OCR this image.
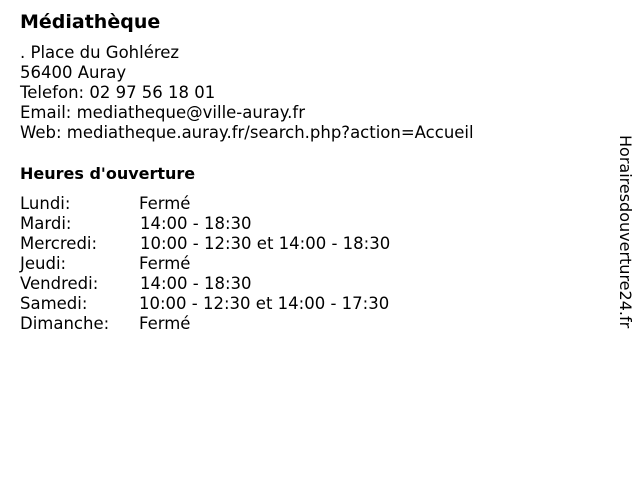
Médiathèque
. Place du Gohlérez
56400 Auray
Telefon: 02 97 56 18 01
Email: mediatheque@ville-auray.fr
Web: mediatheque.auray.fr/search.php?action=Accueil
Heures d'ouverture
Lundi:	Fermé
Mardi:	14:00 - 18:30
Mercredi:	10:00 - 12:30 et 14:00 - 18:30
Jeudi:	Fermé
Vendredi:	14:00 - 18:30
Samedi:	10:00 - 12:30 et 14:00 - 17:30
Dimanche: Fermé	Horairesdouverture24.fr
